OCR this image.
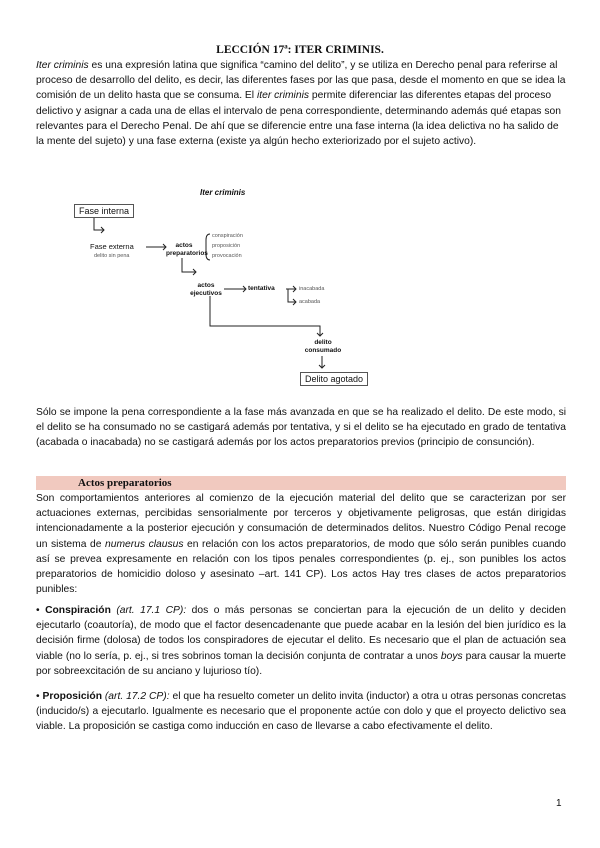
LECCIÓN 17ª: ITER CRIMINIS.
Iter criminis es una expresión latina que significa “camino del delito”, y se utiliza en Derecho penal para referirse al proceso de desarrollo del delito, es decir, las diferentes fases por las que pasa, desde el momento en que se idea la comisión de un delito hasta que se consuma. El iter criminis permite diferenciar las diferentes etapas del proceso delictivo y asignar a cada una de ellas el intervalo de pena correspondiente, determinando además qué etapas son relevantes para el Derecho Penal. De ahí que se diferencie entre una fase interna (la idea delictiva no ha salido de la mente del sujeto) y una fase externa (existe ya algún hecho exteriorizado por el sujeto activo).
Iter criminis
Fase interna
Fase externa
delito sin pena
actos
preparatorios
conspiración
proposición
provocación
actos
ejecutivos
tentativa	inacabada
acabada
delito
consumado
Delito agotado
Sólo se impone la pena correspondiente a la fase más avanzada en que se ha realizado el delito. De este modo, si el delito se ha consumado no se castigará además por tentativa, y si el delito se ha ejecutado en grado de tentativa (acabada o inacabada) no se castigará además por los actos preparatorios previos (principio de consunción).
Actos preparatorios
Son comportamientos anteriores al comienzo de la ejecución material del delito que se caracterizan por ser actuaciones externas, percibidas sensorialmente por terceros y objetivamente peligrosas, que están dirigidas intencionadamente a la posterior ejecución y consumación de determinados delitos. Nuestro Código Penal recoge un sistema de numerus clausus en relación con los actos preparatorios, de modo que sólo serán punibles cuando así se prevea expresamente en relación con los tipos penales correspondientes (p. ej., son punibles los actos preparatorios de homicidio doloso y asesinato –art. 141 CP). Los actos Hay tres clases de actos preparatorios punibles:
• Conspiración (art. 17.1 CP): dos o más personas se conciertan para la ejecución de un delito y deciden ejecutarlo (coautoría), de modo que el factor desencadenante que puede acabar en la lesión del bien jurídico es la decisión firme (dolosa) de todos los conspiradores de ejecutar el delito. Es necesario que el plan de actuación sea viable (no lo sería, p. ej., si tres sobrinos toman la decisión conjunta de contratar a unos boys para causar la muerte por sobreexcitación de su anciano y lujurioso tío).
• Proposición (art. 17.2 CP): el que ha resuelto cometer un delito invita (inductor) a otra u otras personas concretas (inducido/s) a ejecutarlo. Igualmente es necesario que el proponente actúe con dolo y que el proyecto delictivo sea viable. La proposición se castiga como inducción en caso de llevarse a cabo efectivamente el delito.
1
